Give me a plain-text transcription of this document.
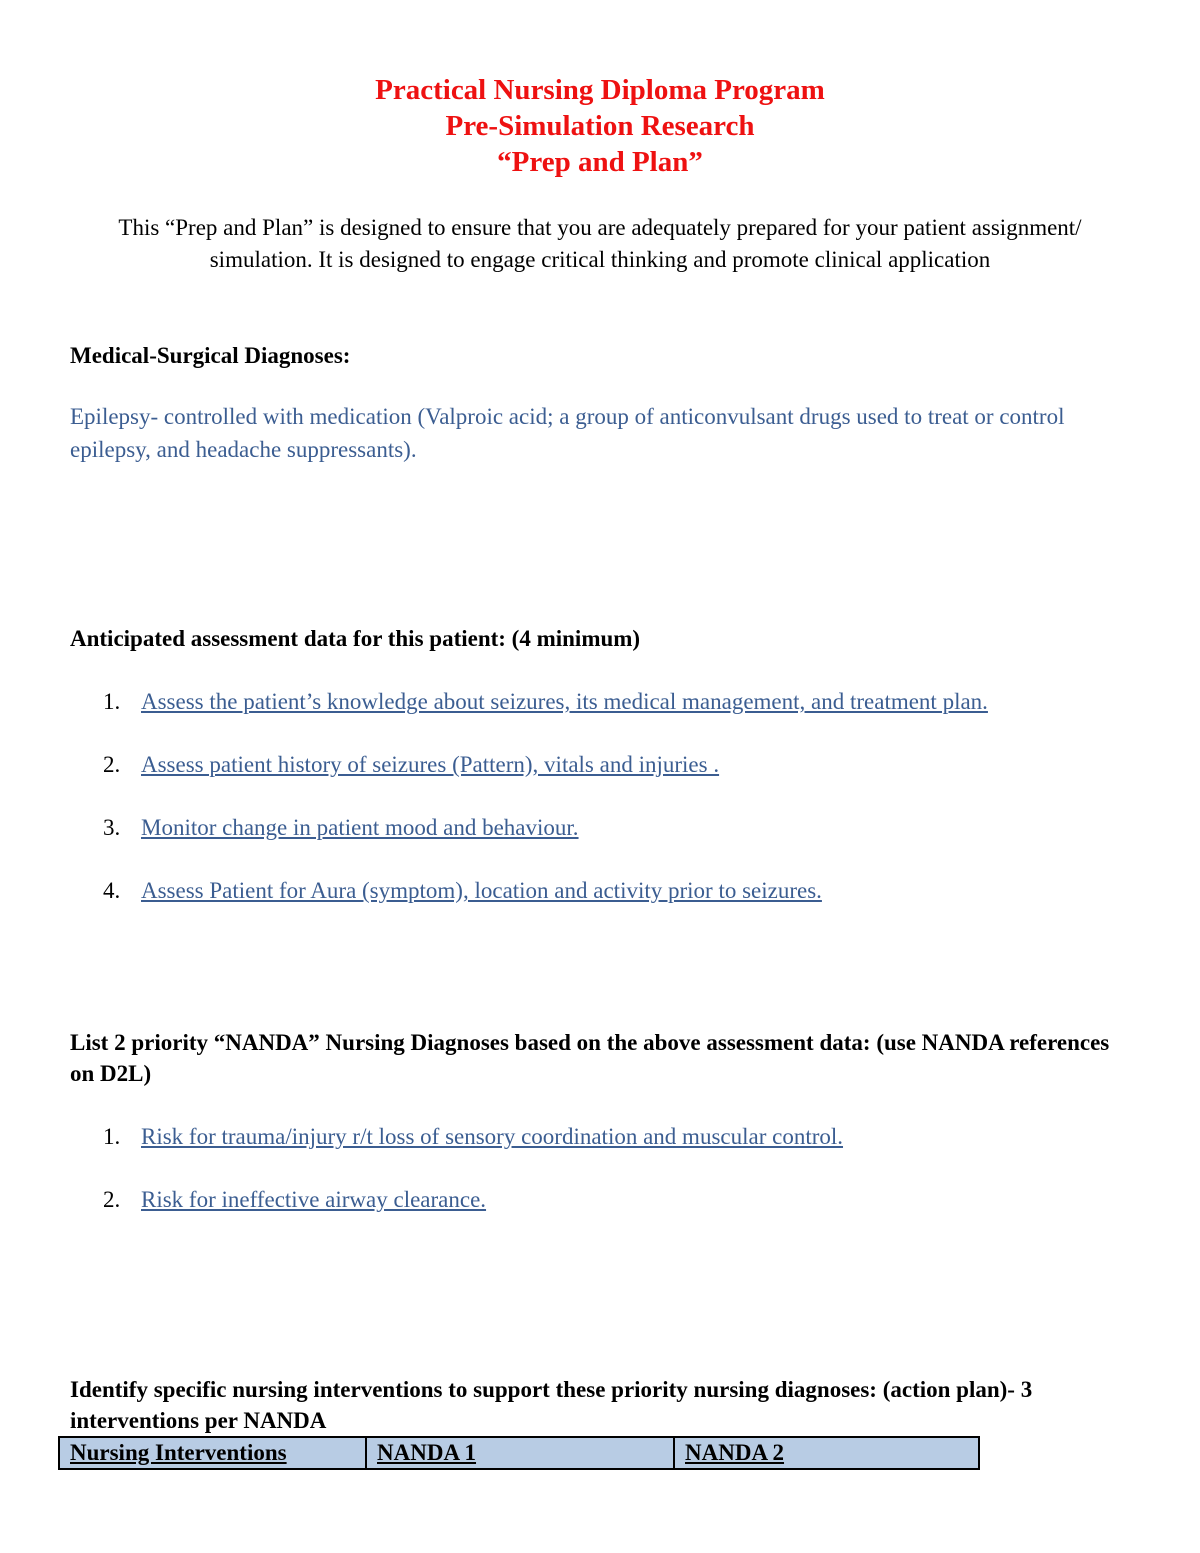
Practical Nursing Diploma Program
Pre-Simulation Research
“Prep and Plan”
This “Prep and Plan” is designed to ensure that you are adequately prepared for your patient assignment/ simulation. It is designed to engage critical thinking and promote clinical application
Medical-Surgical Diagnoses:
Epilepsy- controlled with medication (Valproic acid; a group of anticonvulsant drugs used to treat or control epilepsy, and headache suppressants).
Anticipated assessment data for this patient: (4 minimum)
1. Assess the patient’s knowledge about seizures, its medical management, and treatment plan.
2. Assess patient history of seizures (Pattern), vitals and injuries .
3. Monitor change in patient mood and behaviour.
4. Assess Patient for Aura (symptom), location and activity prior to seizures.
List 2 priority “NANDA” Nursing Diagnoses based on the above assessment data: (use NANDA references on D2L)
1. Risk for trauma/injury r/t loss of sensory coordination and muscular control.
2. Risk for ineffective airway clearance.
Identify specific nursing interventions to support these priority nursing diagnoses: (action plan)- 3 interventions per NANDA
Nursing Interventions	NANDA 1	NANDA 2
